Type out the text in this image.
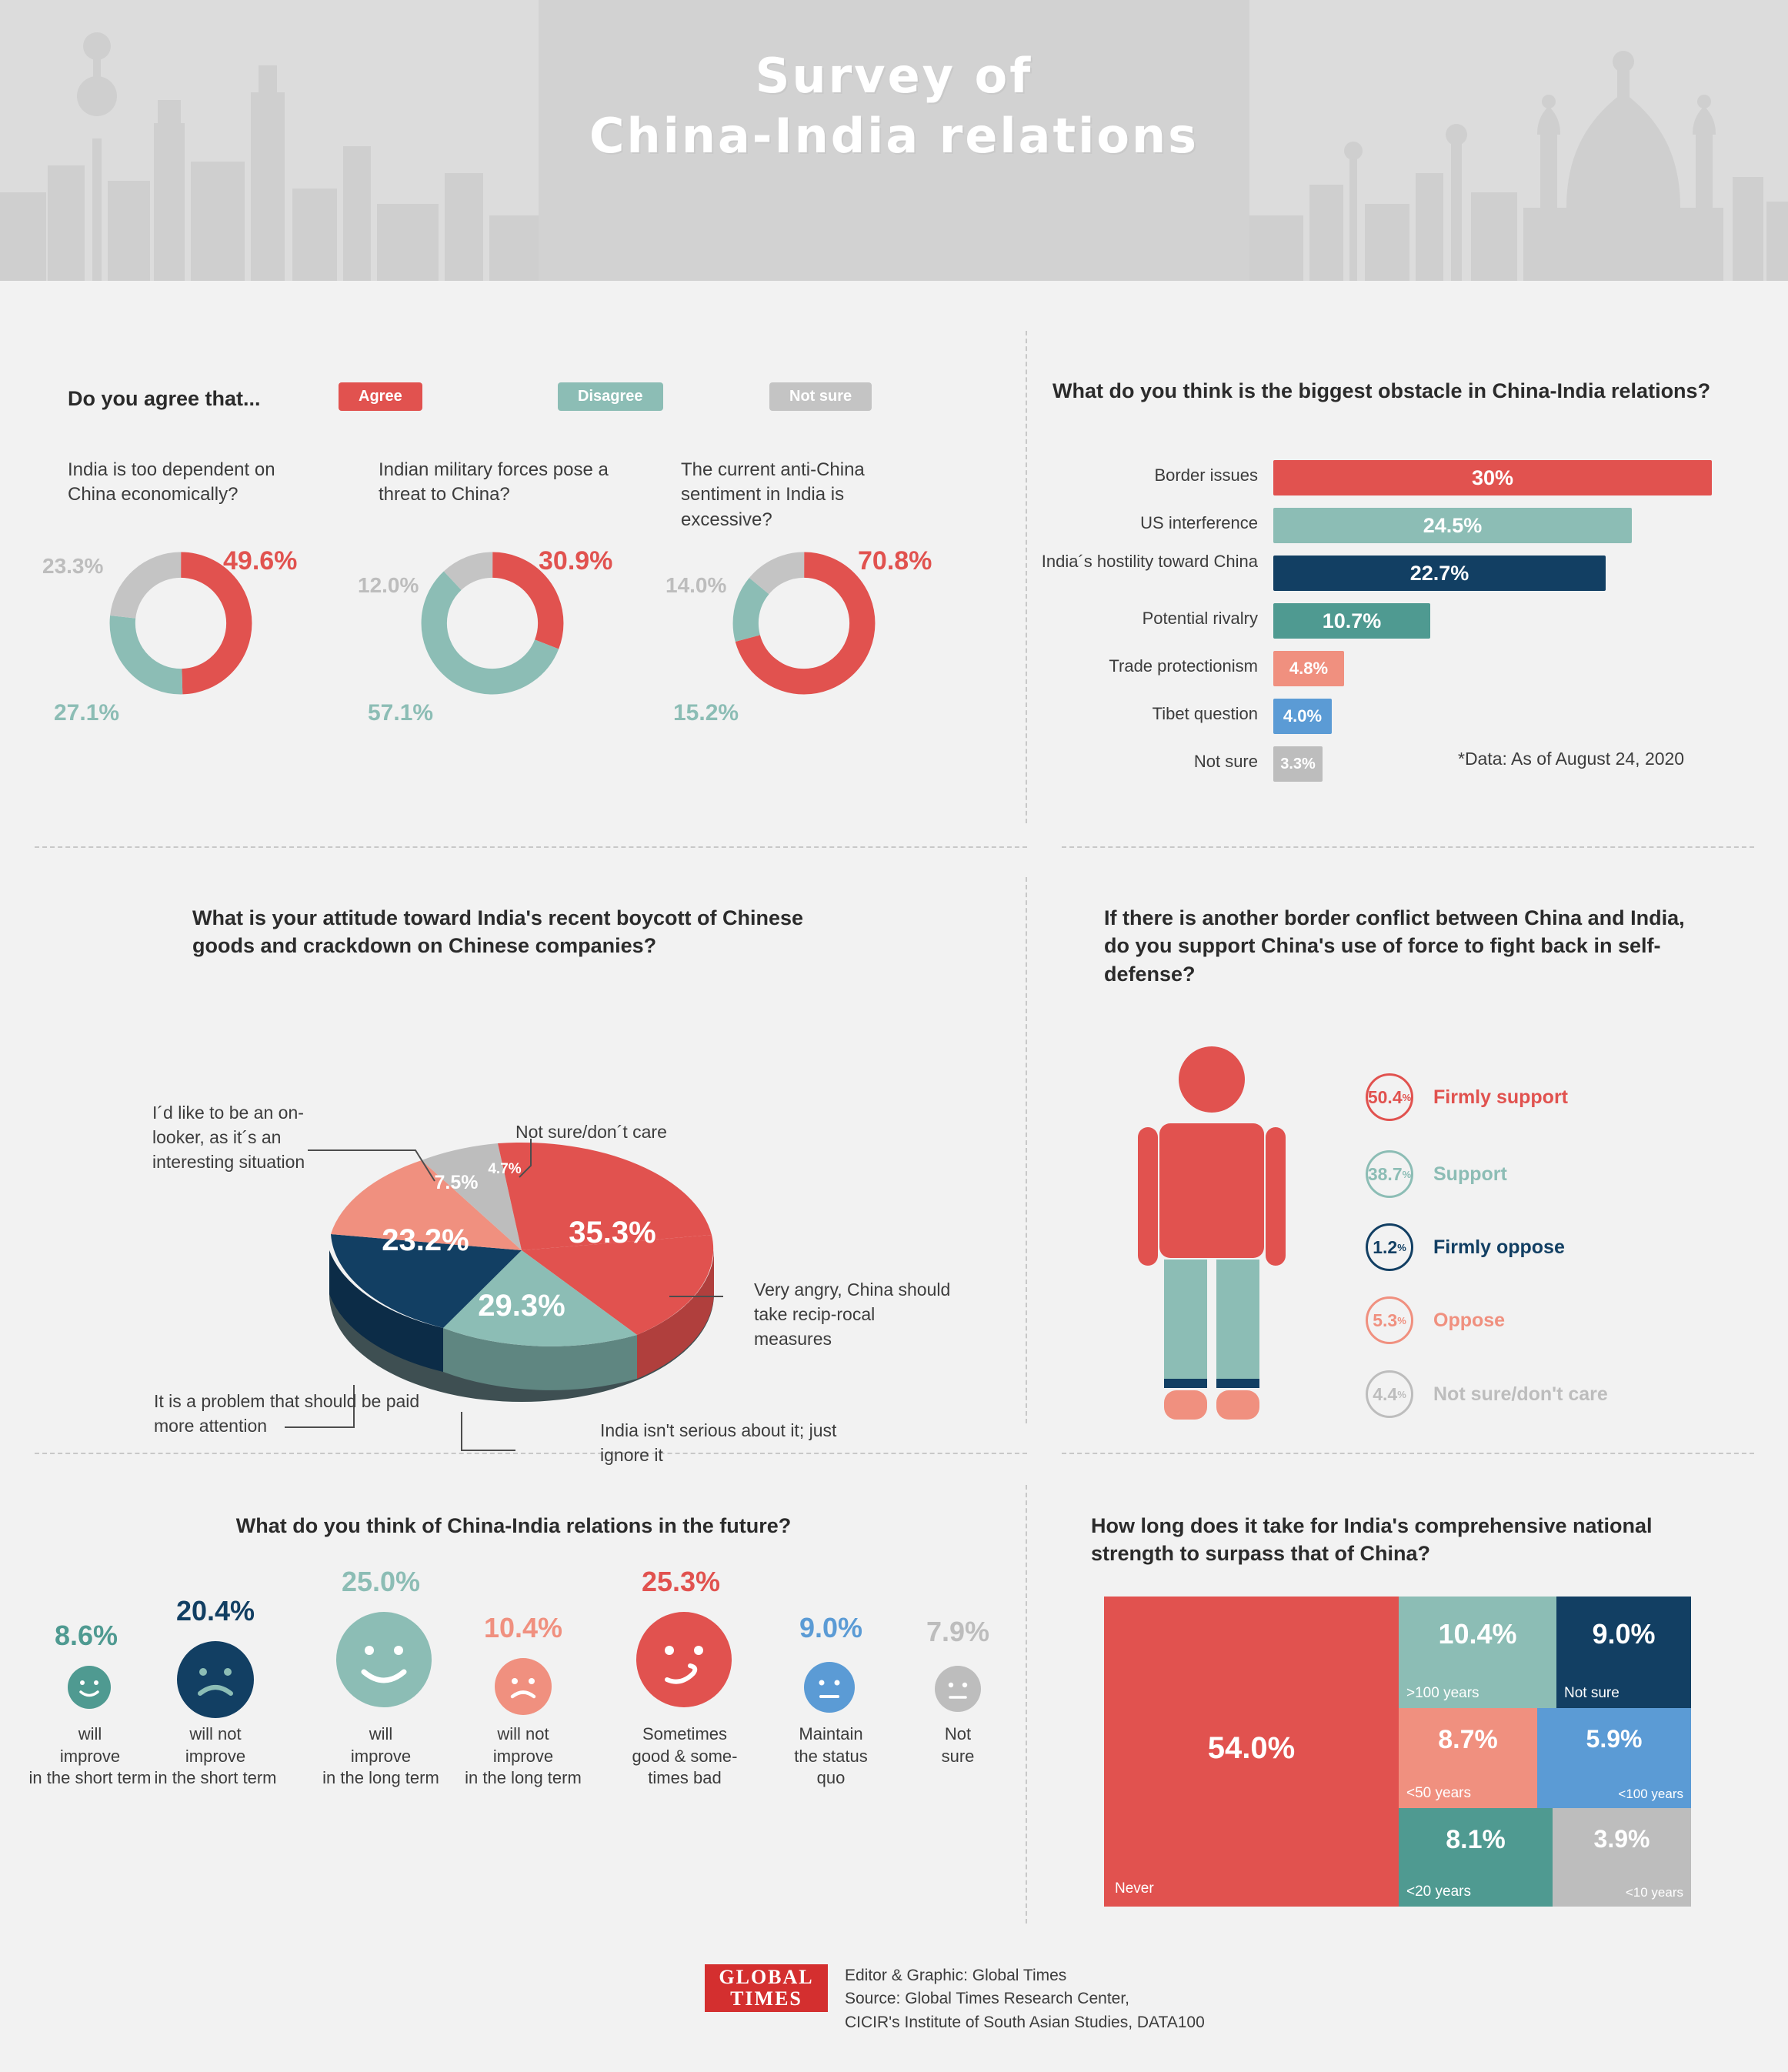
Survey of
China-India relations
Do you agree that...	Agree	Disagree	Not sure
India is too dependent on China economically?
49.6%
23.3%
27.1%
Indian military forces pose a threat to China?
30.9%
12.0%
57.1%
The current anti-China sentiment in India is excessive?
70.8%
14.0%
15.2%
What do you think is the biggest obstacle in China-India relations?
Border issues	30%
US interference	24.5%
India´s hostility toward China	22.7%
Potential rivalry	10.7%
Trade protectionism	4.8%
Tibet question	4.0%
Not sure	3.3%	*Data: As of August 24, 2020
What is your attitude toward India's recent boycott of Chinese goods and crackdown on Chinese companies?
35.3%
29.3%
23.2%
7.5%
4.7%
I´d like to be an on-looker, as it´s an interesting situation
Not sure/don´t care
Very angry, China should take recip-rocal measures
It is a problem that should be paid more attention	India isn't serious about it; just ignore it
If there is another border conflict between China and India, do you support China's use of force to fight back in self-defense?
50.4 % Firmly support
38.7 % Support
1.2 % Firmly oppose
5.3 % Oppose
4.4 % Not sure/don't care
What do you think of China-India relations in the future?
8.6%
will
improve
in the short term
20.4%
will not
improve
in the short term
25.0%
will
improve
in the long term
10.4%
will not
improve
in the long term
25.3%
Sometimes
good & some-
times bad
9.0%
Maintain
the status
quo
7.9%
Not
sure
How long does it take for India's comprehensive national strength to surpass that of China?
54.0%
Never
10.4%
>100 years
9.0%
Not sure
8.7%
<50 years
5.9%
<100 years
8.1%
<20 years
3.9%
<10 years
GLOBAL
TIMES
Editor & Graphic: Global Times
Source: Global Times Research Center,
CICIR's Institute of South Asian Studies, DATA100
